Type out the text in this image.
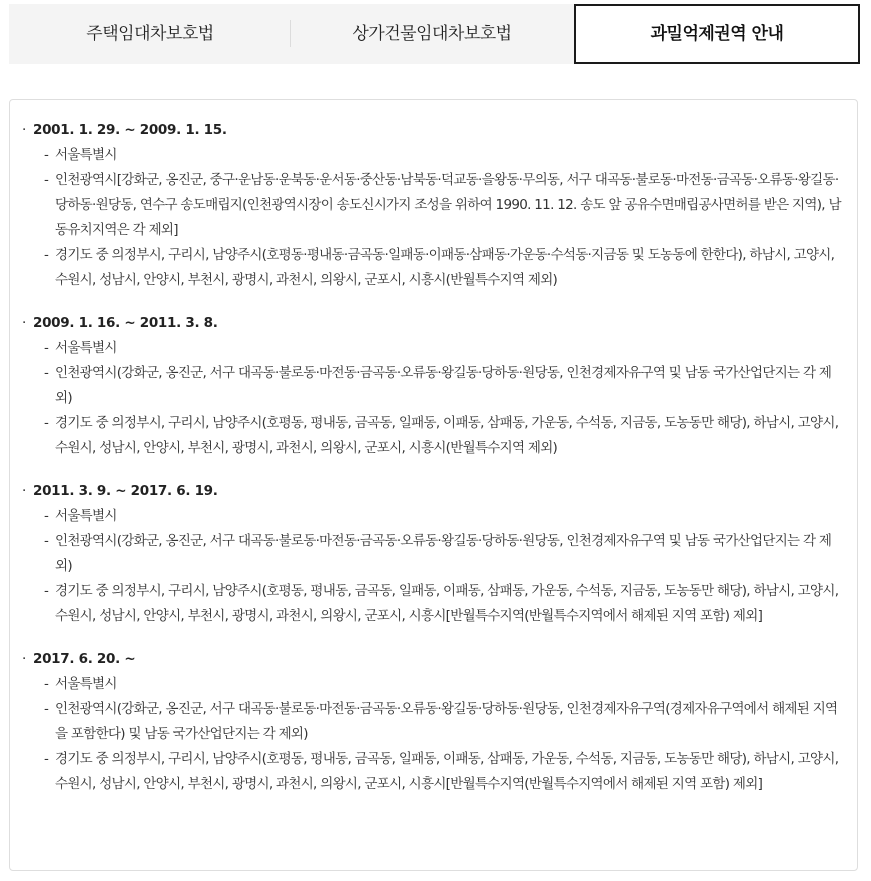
주택임대차보호법	상가건물임대차보호법	과밀억제권역 안내
· 2001. 1. 29. ~ 2009. 1. 15.
- 서울특별시
- 인천광역시[강화군, 옹진군, 중구·운남동·운북동·운서동·중산동·남북동·덕교동·을왕동·무의동, 서구 대곡동·불로동·마전동·금곡동·오류동·왕길동·당하동·원당동, 연수구 송도매립지(인천광역시장이 송도신시가지 조성을 위하여 1990. 11. 12. 송도 앞 공유수면매립공사면허를 받은 지역), 남동유치지역은 각 제외]
- 경기도 중 의정부시, 구리시, 남양주시(호평동·평내동·금곡동·일패동·이패동·삼패동·가운동·수석동·지금동 및 도농동에 한한다), 하남시, 고양시, 수원시, 성남시, 안양시, 부천시, 광명시, 과천시, 의왕시, 군포시, 시흥시(반월특수지역 제외)
· 2009. 1. 16. ~ 2011. 3. 8.
- 서울특별시
- 인천광역시(강화군, 옹진군, 서구 대곡동·불로동·마전동·금곡동·오류동·왕길동·당하동·원당동, 인천경제자유구역 및 남동 국가산업단지는 각 제외)
- 경기도 중 의정부시, 구리시, 남양주시(호평동, 평내동, 금곡동, 일패동, 이패동, 삼패동, 가운동, 수석동, 지금동, 도농동만 해당), 하남시, 고양시, 수원시, 성남시, 안양시, 부천시, 광명시, 과천시, 의왕시, 군포시, 시흥시(반월특수지역 제외)
· 2011. 3. 9. ~ 2017. 6. 19.
- 서울특별시
- 인천광역시(강화군, 옹진군, 서구 대곡동·불로동·마전동·금곡동·오류동·왕길동·당하동·원당동, 인천경제자유구역 및 남동 국가산업단지는 각 제외)
- 경기도 중 의정부시, 구리시, 남양주시(호평동, 평내동, 금곡동, 일패동, 이패동, 삼패동, 가운동, 수석동, 지금동, 도농동만 해당), 하남시, 고양시, 수원시, 성남시, 안양시, 부천시, 광명시, 과천시, 의왕시, 군포시, 시흥시[반월특수지역(반월특수지역에서 해제된 지역 포함) 제외]
· 2017. 6. 20. ~
- 서울특별시
- 인천광역시(강화군, 옹진군, 서구 대곡동·불로동·마전동·금곡동·오류동·왕길동·당하동·원당동, 인천경제자유구역(경제자유구역에서 해제된 지역을 포함한다) 및 남동 국가산업단지는 각 제외)
- 경기도 중 의정부시, 구리시, 남양주시(호평동, 평내동, 금곡동, 일패동, 이패동, 삼패동, 가운동, 수석동, 지금동, 도농동만 해당), 하남시, 고양시, 수원시, 성남시, 안양시, 부천시, 광명시, 과천시, 의왕시, 군포시, 시흥시[반월특수지역(반월특수지역에서 해제된 지역 포함) 제외]
